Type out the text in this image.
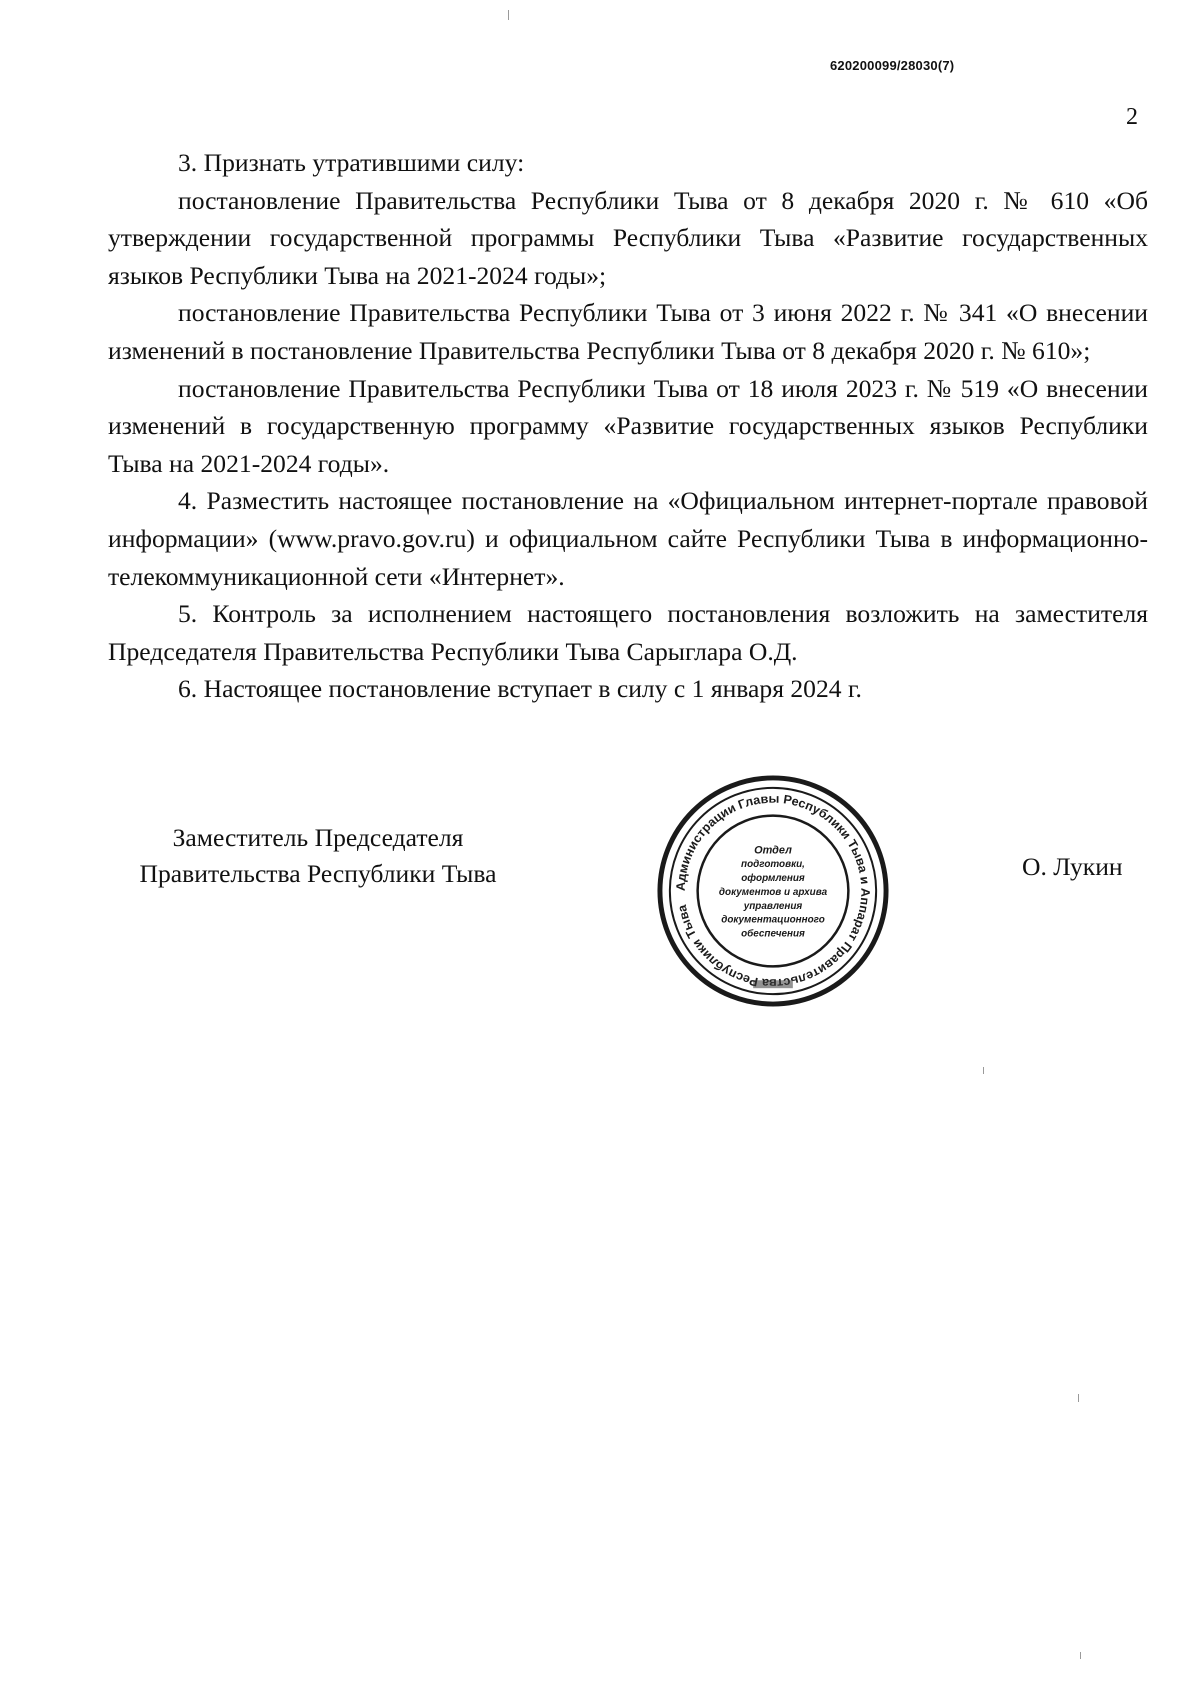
620200099/28030(7)
2

3. Признать утратившими силу:

постановление Правительства Республики Тыва от 8 декабря 2020 г. № 610 «Об утверждении государственной программы Республики Тыва «Развитие государственных языков Республики Тыва на 2021-2024 годы»;

постановление Правительства Республики Тыва от 3 июня 2022 г. № 341 «О внесении изменений в постановление Правительства Республики Тыва от 8 декабря 2020 г. № 610»;

постановление Правительства Республики Тыва от 18 июля 2023 г. № 519 «О внесении изменений в государственную программу «Развитие государственных языков Республики Тыва на 2021-2024 годы».

4. Разместить настоящее постановление на «Официальном интернет-портале правовой информации» (www.pravo.gov.ru) и официальном сайте Республики Тыва в информационно-телекоммуникационной сети «Интернет».

5. Контроль за исполнением настоящего постановления возложить на заместителя Председателя Правительства Республики Тыва Сарыглара О.Д.

6. Настоящее постановление вступает в силу с 1 января 2024 г.

Заместитель Председателя
Правительства Республики Тыва	Администрации Главы Республики Тыва и Аппарат Правитель еспублики Тыва
Отдел
подготовки,
оформления
документов и архива
управления
документационного
обеспечения
О. Лукин
